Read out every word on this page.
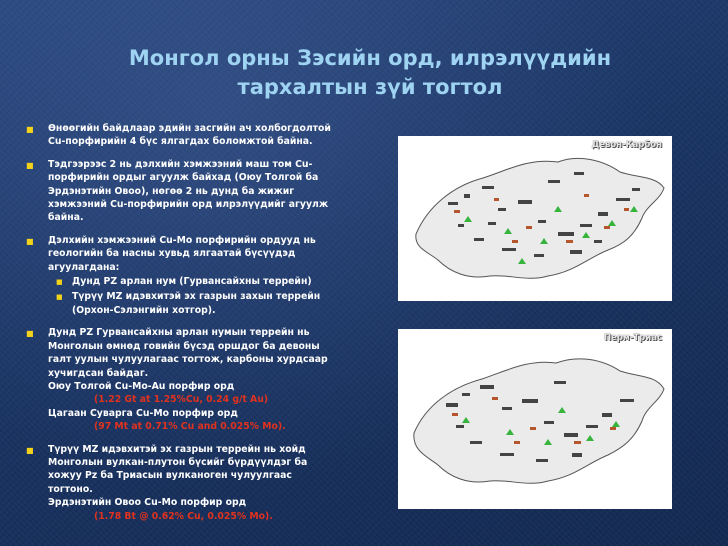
Монгол орны Зэсийн орд, илрэлүүдийн
тархалтын зүй тогтол
■	Өнөөгийн байдлаар эдийн засгийн ач холбогдолтой
Cu-порфирийн 4 бүс ялгагдах боломжтой байна.
■	Тэдгээрээс 2 нь дэлхийн хэмжээний маш том Cu-
порфирийн ордыг агуулж байхад (Оюу Толгой ба
Эрдэнэтийн Овоо), нөгөө 2 нь дунд ба жижиг
хэмжээний Cu-порфирийн орд илрэлүүдийг агуулж
байна.
■	Дэлхийн хэмжээний Cu-Mo порфирийн ордууд нь
геологийн ба насны хувьд ялгаатай бүсүүдэд
агуулагдана:
■	Дунд PZ арлан нум (Гурвансайхны террейн)
■	Түрүү MZ идэвхитэй эх газрын захын террейн
(Орхон-Сэлэнгийн хотгор).
■	Дунд PZ Гурвансайхны арлан нумын террейн нь
Монголын өмнөд говийн бүсэд оршдог ба девоны
галт уулын чулуулагаас тогтож, карбоны хурдсаар
хучигдсан байдаг.
Оюу Толгой Cu-Mo-Au порфир орд
(1.22 Gt at 1.25%Cu, 0.24 g/t Au)
Цагаан Суварга Cu-Mo порфир орд
(97 Mt at 0.71% Cu and 0.025% Mo).
■	Түрүү MZ идэвхитэй эх газрын террейн нь хойд
Монголын вулкан-плутон бүсийг бүрдүүлдэг ба
хожуу Pz ба Триасын вулканоген чулуулгаас
тогтоно.
Эрдэнэтийн Овоо Cu-Mo порфир орд
(1.78 Bt @ 0.62% Cu, 0.025% Mo).
Девон-Карбон
Перм-Триас
